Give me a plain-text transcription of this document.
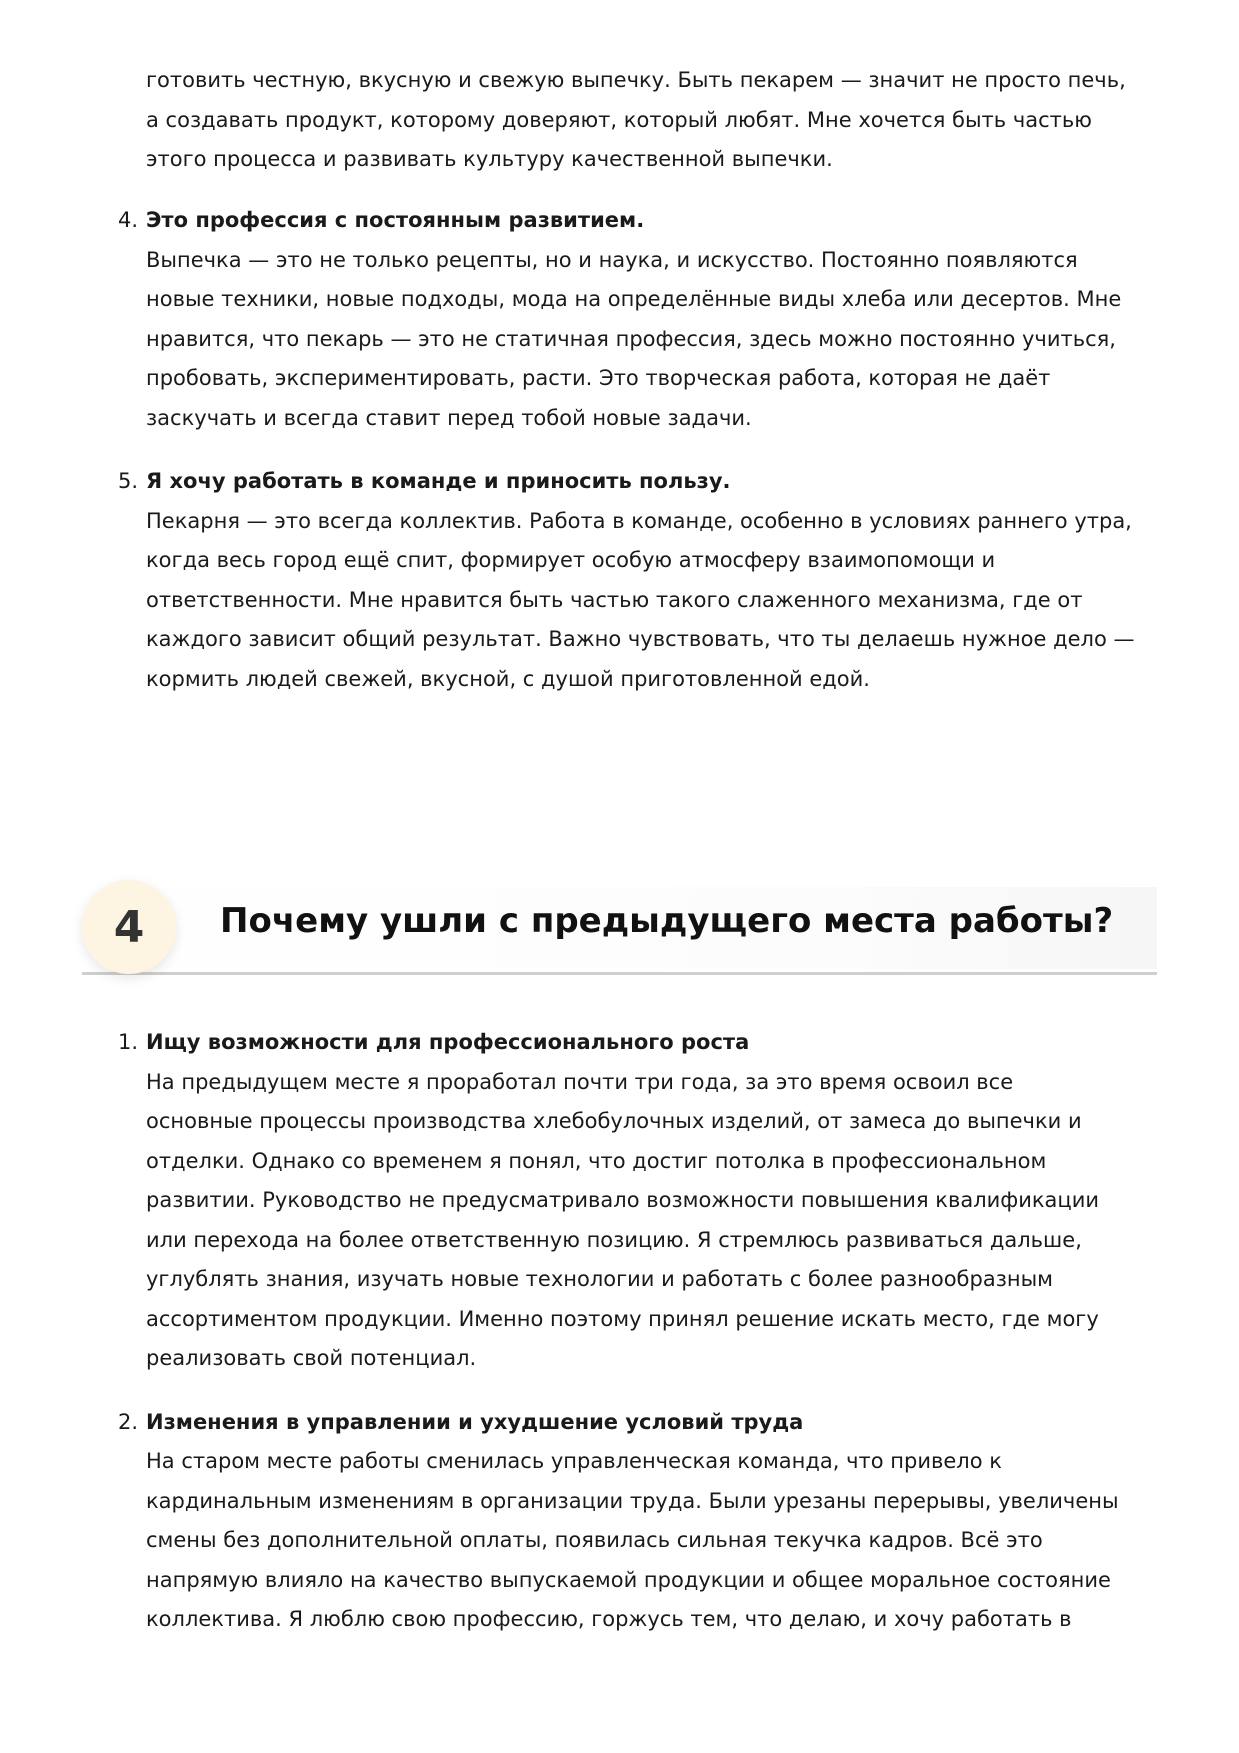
готовить честную, вкусную и свежую выпечку. Быть пекарем — значит не просто печь,
а создавать продукт, которому доверяют, который любят. Мне хочется быть частью
этого процесса и развивать культуру качественной выпечки.
4. Это профессия с постоянным развитием.
Выпечка — это не только рецепты, но и наука, и искусство. Постоянно появляются
новые техники, новые подходы, мода на определённые виды хлеба или десертов. Мне
нравится, что пекарь — это не статичная профессия, здесь можно постоянно учиться,
пробовать, экспериментировать, расти. Это творческая работа, которая не даёт
заскучать и всегда ставит перед тобой новые задачи.
5. Я хочу работать в команде и приносить пользу.
Пекарня — это всегда коллектив. Работа в команде, особенно в условиях раннего утра,
когда весь город ещё спит, формирует особую атмосферу взаимопомощи и
ответственности. Мне нравится быть частью такого слаженного механизма, где от
каждого зависит общий результат. Важно чувствовать, что ты делаешь нужное дело —
кормить людей свежей, вкусной, с душой приготовленной едой.
4	Почему ушли с предыдущего места работы?
1. Ищу возможности для профессионального роста
На предыдущем месте я проработал почти три года, за это время освоил все
основные процессы производства хлебобулочных изделий, от замеса до выпечки и
отделки. Однако со временем я понял, что достиг потолка в профессиональном
развитии. Руководство не предусматривало возможности повышения квалификации
или перехода на более ответственную позицию. Я стремлюсь развиваться дальше,
углублять знания, изучать новые технологии и работать с более разнообразным
ассортиментом продукции. Именно поэтому принял решение искать место, где могу
реализовать свой потенциал.
2. Изменения в управлении и ухудшение условий труда
На старом месте работы сменилась управленческая команда, что привело к
кардинальным изменениям в организации труда. Были урезаны перерывы, увеличены
смены без дополнительной оплаты, появилась сильная текучка кадров. Всё это
напрямую влияло на качество выпускаемой продукции и общее моральное состояние
коллектива. Я люблю свою профессию, горжусь тем, что делаю, и хочу работать в
